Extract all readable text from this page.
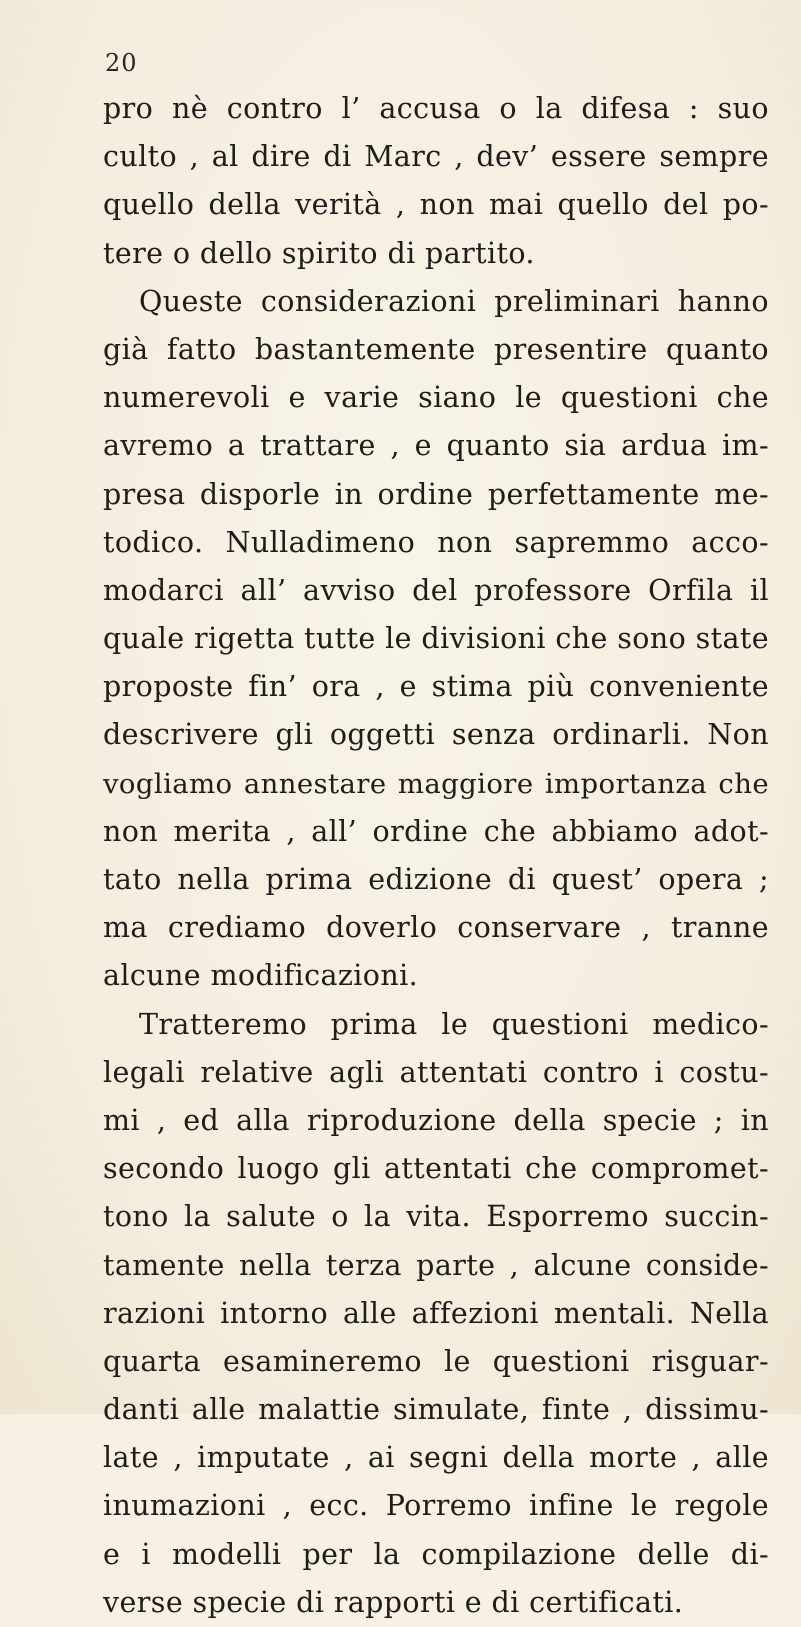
20
pro nè contro l’ accusa o la difesa : suo
culto , al dire di Marc , dev’ essere sempre
quello della verità , non mai quello del po-
tere o dello spirito di partito.
Queste considerazioni preliminari hanno
già fatto bastantemente presentire quanto
numerevoli e varie siano le questioni che
avremo a trattare , e quanto sia ardua im-
presa disporle in ordine perfettamente me-
todico. Nulladimeno non sapremmo acco-
modarci all’ avviso del professore Orfila il
quale rigetta tutte le divisioni che sono state
proposte fin’ ora , e stima più conveniente
descrivere gli oggetti senza ordinarli. Non
vogliamo annestare maggiore importanza che
non merita , all’ ordine che abbiamo adot-
tato nella prima edizione di quest’ opera ;
ma crediamo doverlo conservare , tranne
alcune modificazioni.
Tratteremo prima le questioni medico-
legali relative agli attentati contro i costu-
mi , ed alla riproduzione della specie ; in
secondo luogo gli attentati che compromet-
tono la salute o la vita. Esporremo succin-
tamente nella terza parte , alcune conside-
razioni intorno alle affezioni mentali. Nella
quarta esamineremo le questioni risguar-
danti alle malattie simulate, finte , dissimu-
late , imputate , ai segni della morte , alle
inumazioni , ecc. Porremo infine le regole
e i modelli per la compilazione delle di-
verse specie di rapporti e di certificati.
